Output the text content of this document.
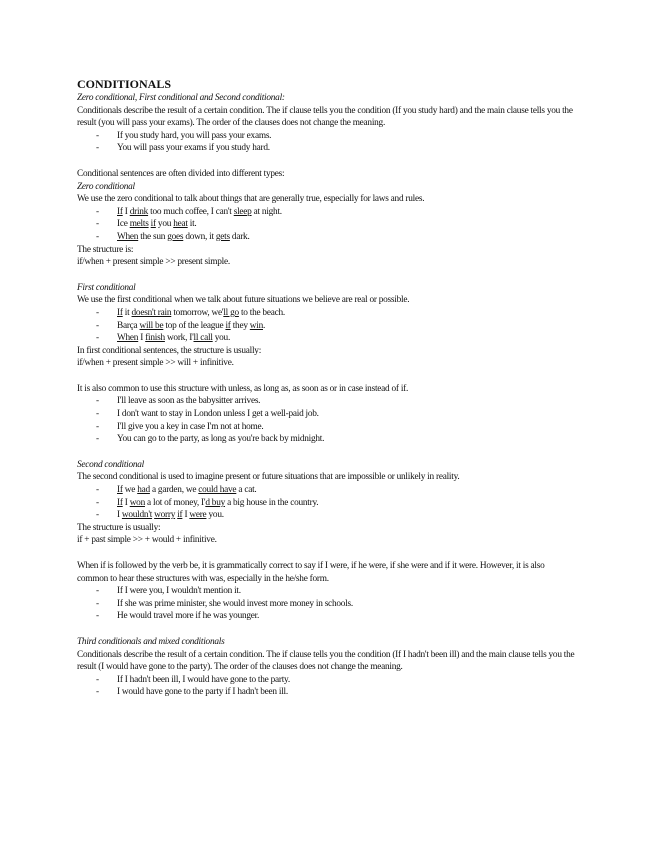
CONDITIONALS
Zero conditional, First conditional and Second conditional:
Conditionals describe the result of a certain condition. The if clause tells you the condition (If you study hard) and the main clause tells you the result (you will pass your exams). The order of the clauses does not change the meaning.
-	If you study hard, you will pass your exams.
-	You will pass your exams if you study hard.
Conditional sentences are often divided into different types:
Zero conditional
We use the zero conditional to talk about things that are generally true, especially for laws and rules.
-	If I drink too much coffee, I can't sleep at night.
-	Ice melts if you heat it.
-	When the sun goes down, it gets dark.
The structure is:
if/when + present simple >> present simple.
First conditional
We use the first conditional when we talk about future situations we believe are real or possible.
-	If it doesn't rain tomorrow, we'll go to the beach.
-	Barça will be top of the league if they win.
-	When I finish work, I'll call you.
In first conditional sentences, the structure is usually:
if/when + present simple >> will + infinitive.
It is also common to use this structure with unless, as long as, as soon as or in case instead of if.
-	I'll leave as soon as the babysitter arrives.
-	I don't want to stay in London unless I get a well-paid job.
-	I'll give you a key in case I'm not at home.
-	You can go to the party, as long as you're back by midnight.
Second conditional
The second conditional is used to imagine present or future situations that are impossible or unlikely in reality.
-	If we had a garden, we could have a cat.
-	If I won a lot of money, I'd buy a big house in the country.
-	I wouldn't worry if I were you.
The structure is usually:
if + past simple >> + would + infinitive.
When if is followed by the verb be, it is grammatically correct to say if I were, if he were, if she were and if it were. However, it is also common to hear these structures with was, especially in the he/she form.
-	If I were you, I wouldn't mention it.
-	If she was prime minister, she would invest more money in schools.
-	He would travel more if he was younger.
Third conditionals and mixed conditionals
Conditionals describe the result of a certain condition. The if clause tells you the condition (If I hadn't been ill) and the main clause tells you the result (I would have gone to the party). The order of the clauses does not change the meaning.
-	If I hadn't been ill, I would have gone to the party.
-	I would have gone to the party if I hadn't been ill.
